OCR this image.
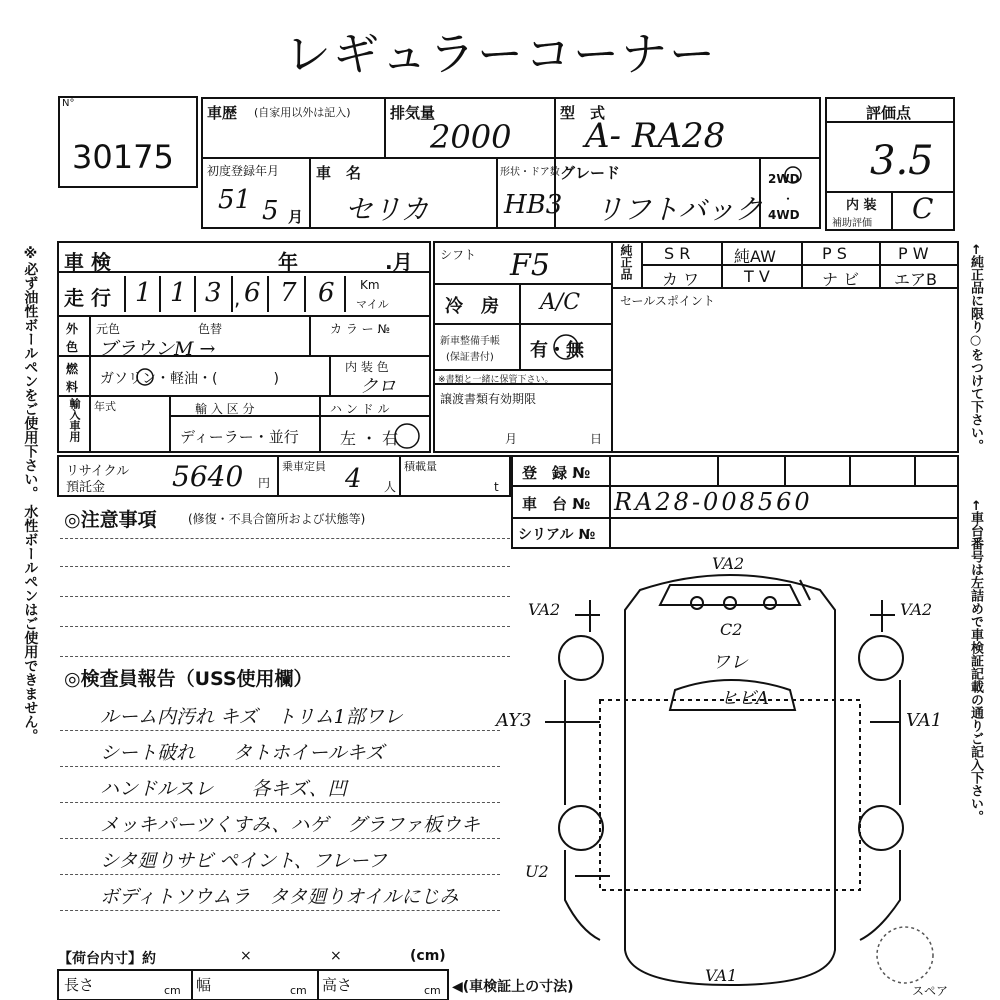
レギュラーコーナー
N°
30175
車歴 (自家用以外は記入)	排気量
2000
型　式
A- RA28
評価点
3.5
初度登録年月
51 5 月
車　名
セリカ
形状・ドア数
HB3
グレード
リフトバック
2WD
・
4WD
内 装
補助評価 C
車 検	年	.月
走 行 1 1 3 , 6 7 6 Km
マイル
外
色
元色	色替	カ ラ ー №
ブラウンM →
燃
料 ガソリン・軽油・(　　　　)
内 装 色
クロ
輸入車用 年式	輸 入 区 分
ディーラー・並行
ハ ン ド ル
左 ・ 右
シフト F5
冷　房 A/C
新車整備手帳
(保証書付) 有・無
※書類と一緒に保管下さい。
譲渡書類有効期限
月	日
純正品 S R	純AW	P S	P W
カ ワ	T V	ナ ビ エアB
セールスポイント
リサイクル
預託金 5640 円
乗車定員 4 人
積載量
t
登　録 №
車　台 № RA28-008560
シリアル №
◎注意事項	(修復・不具合箇所および状態等)
◎検査員報告（USS使用欄）
ルーム内汚れ キズ　トリム1部ワレ
シート破れ　　タトホイールキズ
ハンドルスレ　　各キズ、凹
メッキパーツくすみ、ハゲ　グラファ板ウキ
シタ廻りサビ ペイント、フレーフ
ボディトソウムラ　タタ廻りオイルにじみ
【荷台内寸】約	×	×	(cm)
長さ	cm 幅	cm 高さ	cm ◀(車検証上の寸法)
※必ず油性ボールペンをご使用下さい。 水性ボールペンはご使用できません。	←純正品に限り○をつけて下さい。
←車台番号は左詰めで車検証記載の通りご記入下さい。
VA2
VA2	VA2
C2
ワレ
ヒビA
AY3	VA1
U2
VA1
スペア
